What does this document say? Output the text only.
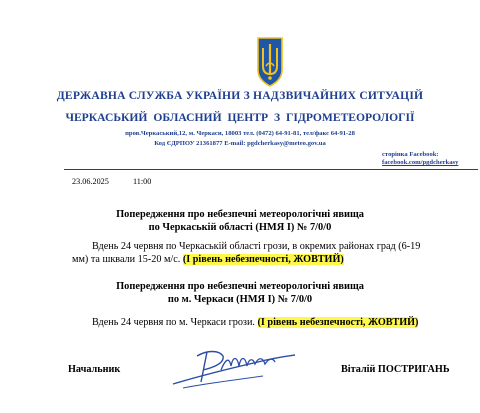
ДЕРЖАВНА СЛУЖБА УКРАЇНИ З НАДЗВИЧАЙНИХ СИТУАЦІЙ
ЧЕРКАСЬКИЙ ОБЛАСНИЙ ЦЕНТР З ГІДРОМЕТЕОРОЛОГІЇ
пров.Черкаський,12, м. Черкаси, 18003 тел. (0472) 64-91-81, тел/факс 64-91-28
Код ЄДРПОУ 21361877 E-mail: pgdcherkasy@meteo.gov.ua
сторінка Facebook:
facebook.com/pgdcherkasy
23.06.2025	11:00
Попередження про небезпечні метеорологічні явища
по Черкаській області (НМЯ І) № 7/0/0
Вдень 24 червня по Черкаській області грози, в окремих районах град (6-19
мм) та шквали 15-20 м/с. (І рівень небезпечності, ЖОВТИЙ)
Попередження про небезпечні метеорологічні явища
по м. Черкаси (НМЯ І) № 7/0/0
Вдень 24 червня по м. Черкаси грози. (І рівень небезпечності, ЖОВТИЙ)
Начальник	Віталій ПОСТРИГАНЬ
